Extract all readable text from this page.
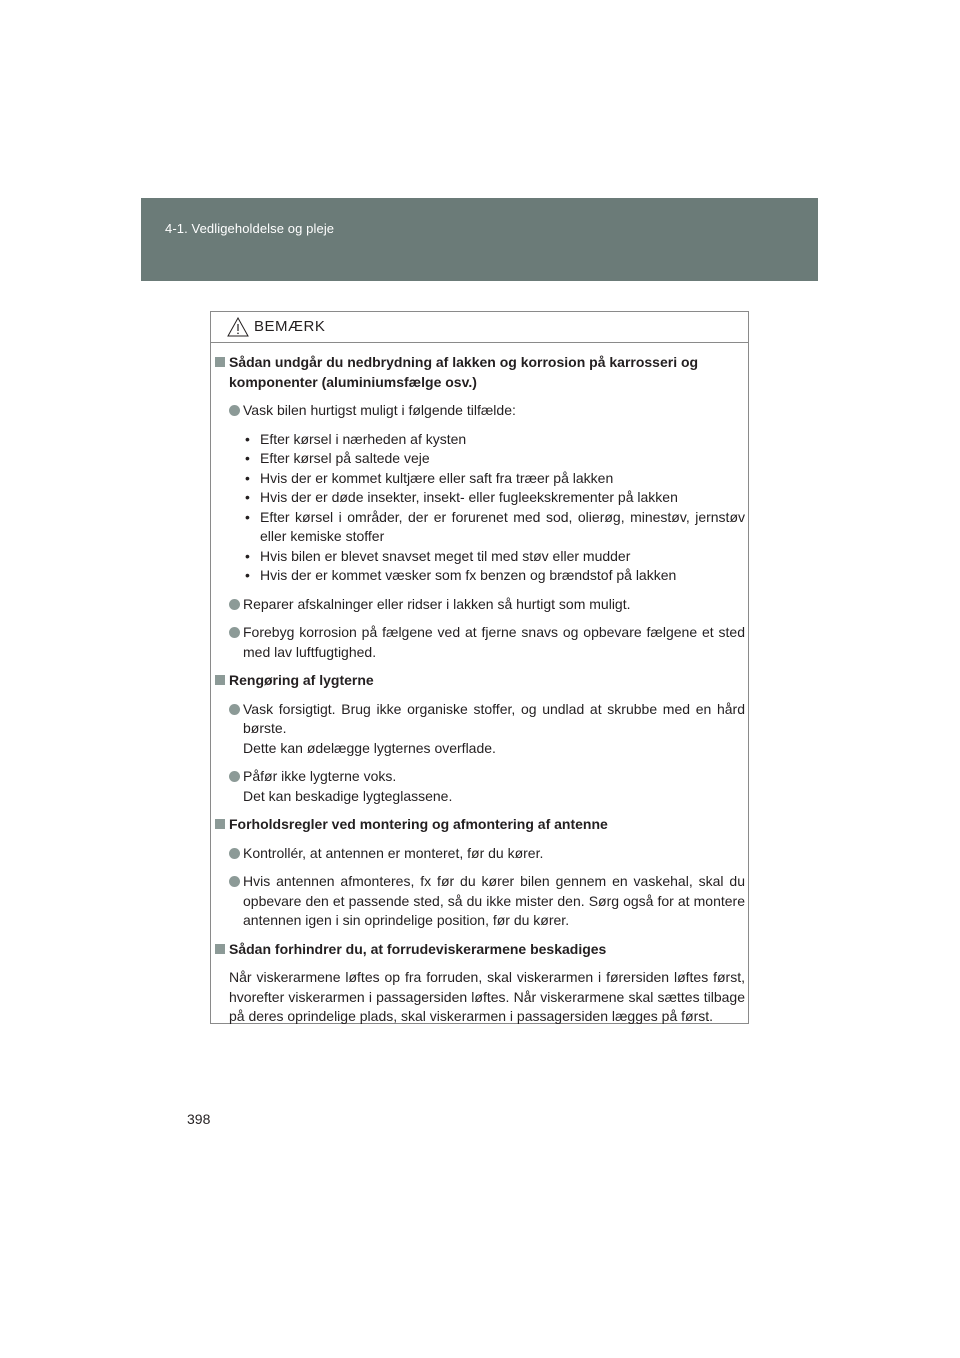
4-1. Vedligeholdelse og pleje
BEMÆRK
Sådan undgår du nedbrydning af lakken og korrosion på karrosseri og komponenter (aluminiumsfælge osv.)
Vask bilen hurtigst muligt i følgende tilfælde:
• Efter kørsel i nærheden af kysten
• Efter kørsel på saltede veje
• Hvis der er kommet kultjære eller saft fra træer på lakken
• Hvis der er døde insekter, insekt- eller fugleekskrementer på lakken
• Efter kørsel i områder, der er forurenet med sod, olierøg, minestøv, jernstøv eller kemiske stoffer
• Hvis bilen er blevet snavset meget til med støv eller mudder
• Hvis der er kommet væsker som fx benzen og brændstof på lakken
Reparer afskalninger eller ridser i lakken så hurtigt som muligt.
Forebyg korrosion på fælgene ved at fjerne snavs og opbevare fælgene et sted med lav luftfugtighed.
Rengøring af lygterne
Vask forsigtigt. Brug ikke organiske stoffer, og undlad at skrubbe med en hård børste.
Dette kan ødelægge lygternes overflade.
Påfør ikke lygterne voks.
Det kan beskadige lygteglassene.
Forholdsregler ved montering og afmontering af antenne
Kontrollér, at antennen er monteret, før du kører.
Hvis antennen afmonteres, fx før du kører bilen gennem en vaskehal, skal du opbevare den et passende sted, så du ikke mister den. Sørg også for at montere antennen igen i sin oprindelige position, før du kører.
Sådan forhindrer du, at forrudeviskerarmene beskadiges
Når viskerarmene løftes op fra forruden, skal viskerarmen i førersiden løftes først, hvorefter viskerarmen i passagersiden løftes. Når viskerarmene skal sættes tilbage på deres oprindelige plads, skal viskerarmen i passagersiden lægges på først.
398
